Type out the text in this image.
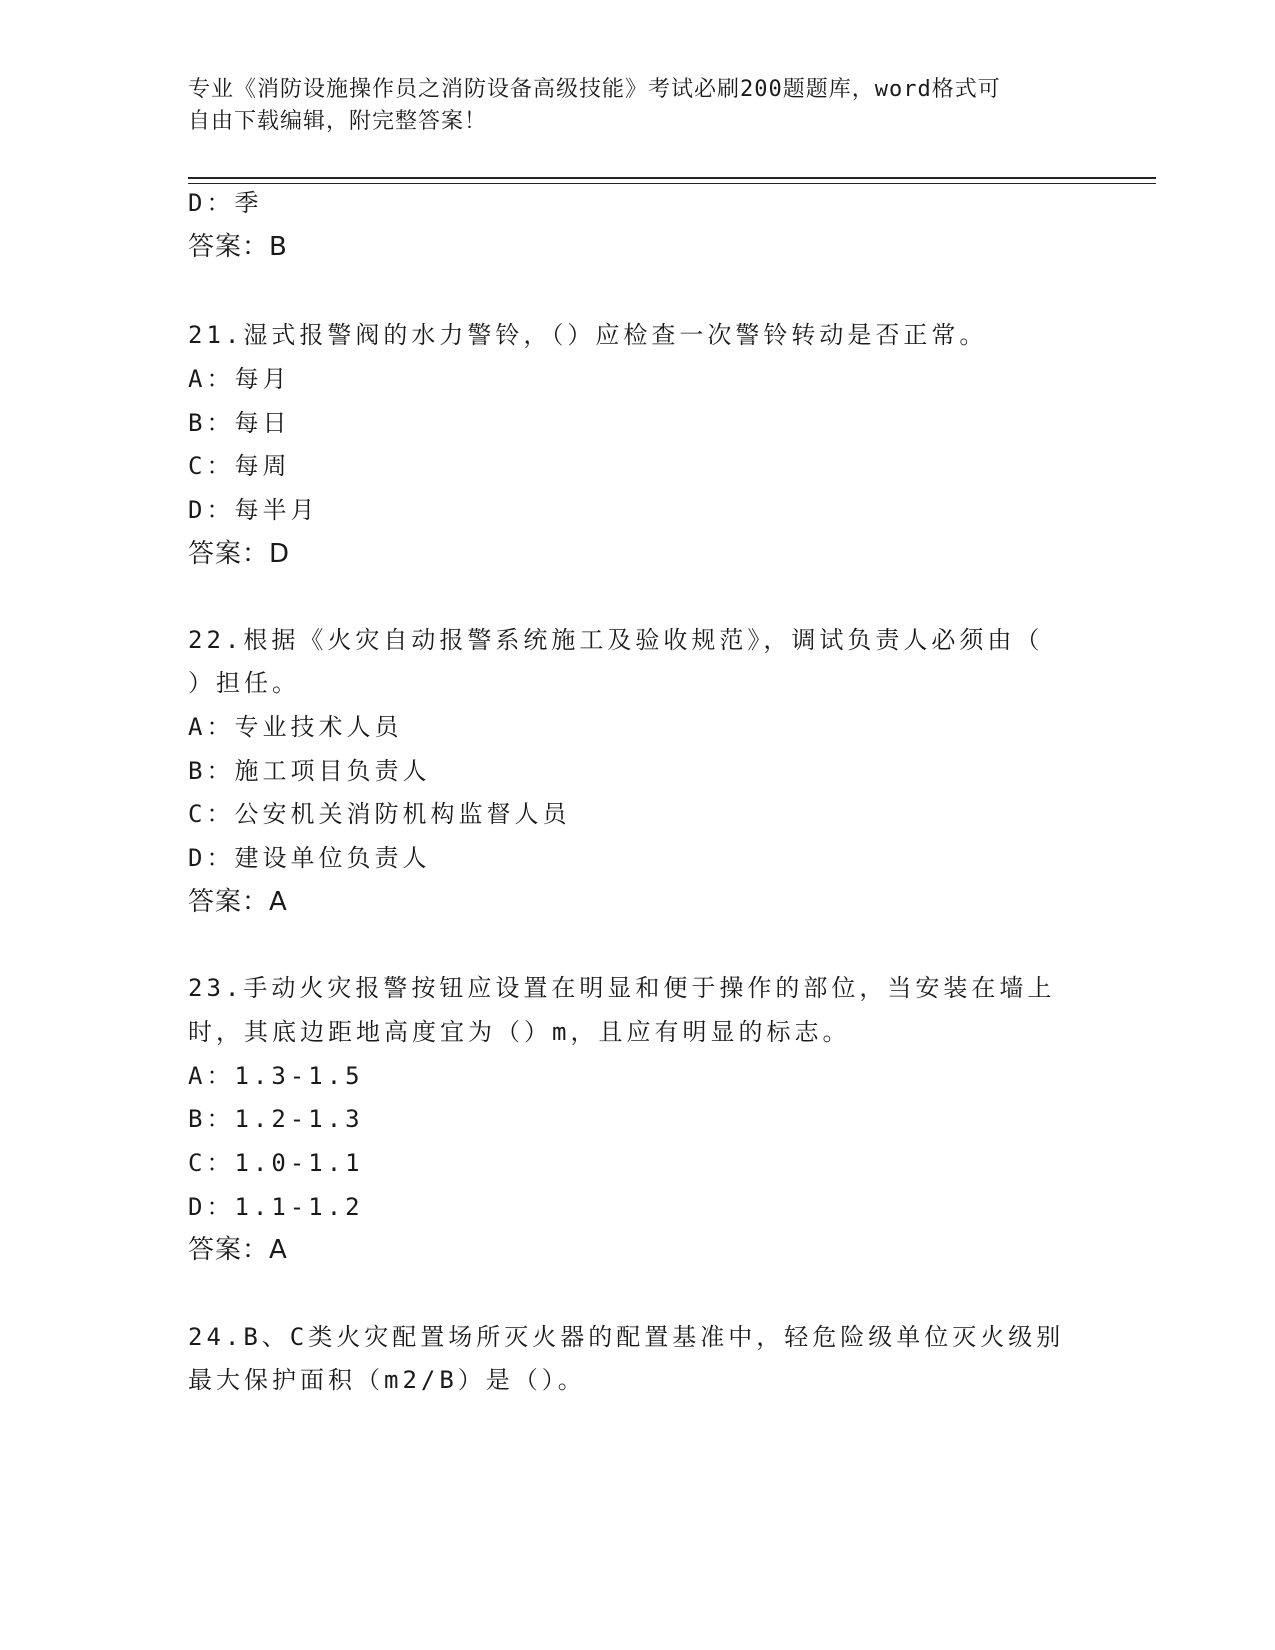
专业《消防设施操作员之消防设备高级技能》考试必刷200题题库，word格式可
自由下载编辑，附完整答案！
D：季
答案：B
21.湿式报警阀的水力警铃，（）应检查一次警铃转动是否正常。
A：每月
B：每日
C：每周
D：每半月
答案：D
22.根据《火灾自动报警系统施工及验收规范》，调试负责人必须由（
）担任。
A：专业技术人员
B：施工项目负责人
C：公安机关消防机构监督人员
D：建设单位负责人
答案：A
23.手动火灾报警按钮应设置在明显和便于操作的部位，当安装在墙上
时，其底边距地高度宜为（）m，且应有明显的标志。
A：1.3-1.5
B：1.2-1.3
C：1.0-1.1
D：1.1-1.2
答案：A
24.B、C类火灾配置场所灭火器的配置基准中，轻危险级单位灭火级别
最大保护面积（m2/B）是（）。
